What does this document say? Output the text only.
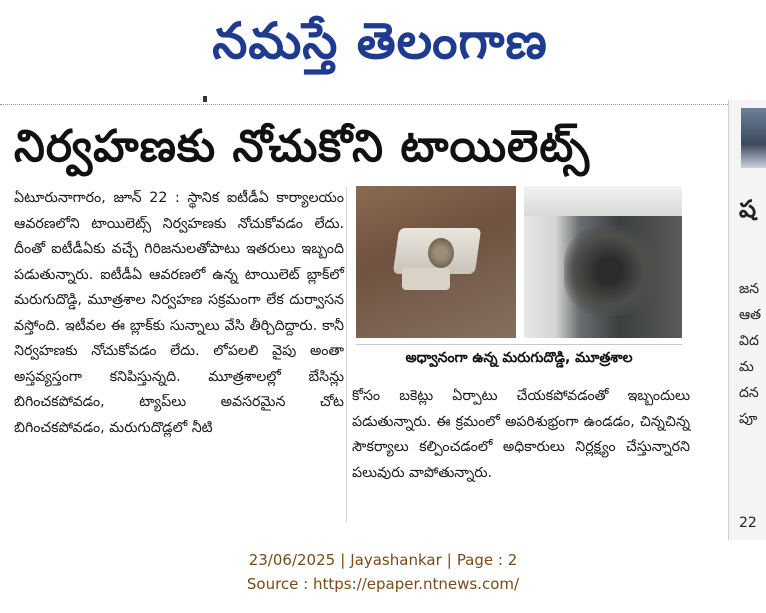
నమస్తే తెలంగాణ
ష
జన
ఆత
విద
మ
దన
పూ
22
నిర్వహణకు నోచుకోని టాయిలెట్స్

ఏటూరునాగారం, జూన్ 22 : స్థానిక ఐటీడీఏ కార్యాలయం ఆవరణలోని టాయిలెట్స్ నిర్వహణకు నోచుకోవడం లేదు. దీంతో ఐటీడీఏకు వచ్చే గిరిజనులతోపాటు ఇతరులు ఇబ్బంది పడుతున్నారు. ఐటీడీఏ ఆవరణలో ఉన్న టాయిలెట్ బ్లాక్‌లో మరుగుదొడ్డి, మూత్రశాల నిర్వహణ సక్రమంగా లేక దుర్వాసన వస్తోంది. ఇటీవల ఈ బ్లాక్‌కు సున్నాలు వేసి తీర్చిదిద్దారు. కానీ నిర్వహణకు నోచుకోవడం లేదు. లోపలలి వైపు అంతా అస్తవ్యస్తంగా కనిపిస్తున్నది. మూత్రశాలల్లో బేసిన్లు బిగించకపోవడం, ట్యాప్‌లు అవసరమైన చోట బిగించకపోవడం, మరుగుదొడ్లలో నీటి

అధ్వానంగా ఉన్న మరుగుదొడ్డి, మూత్రశాల

కోసం బకెట్లు ఏర్పాటు చేయకపోవడంతో ఇబ్బందులు పడుతున్నారు. ఈ క్రమంలో అపరిశుభ్రంగా ఉండడం, చిన్నచిన్న సౌకర్యాలు కల్పించడంలో అధికారులు నిర్లక్ష్యం చేస్తున్నారని పలువురు వాపోతున్నారు.

23/06/2025 | Jayashankar | Page : 2
Source : https://epaper.ntnews.com/
